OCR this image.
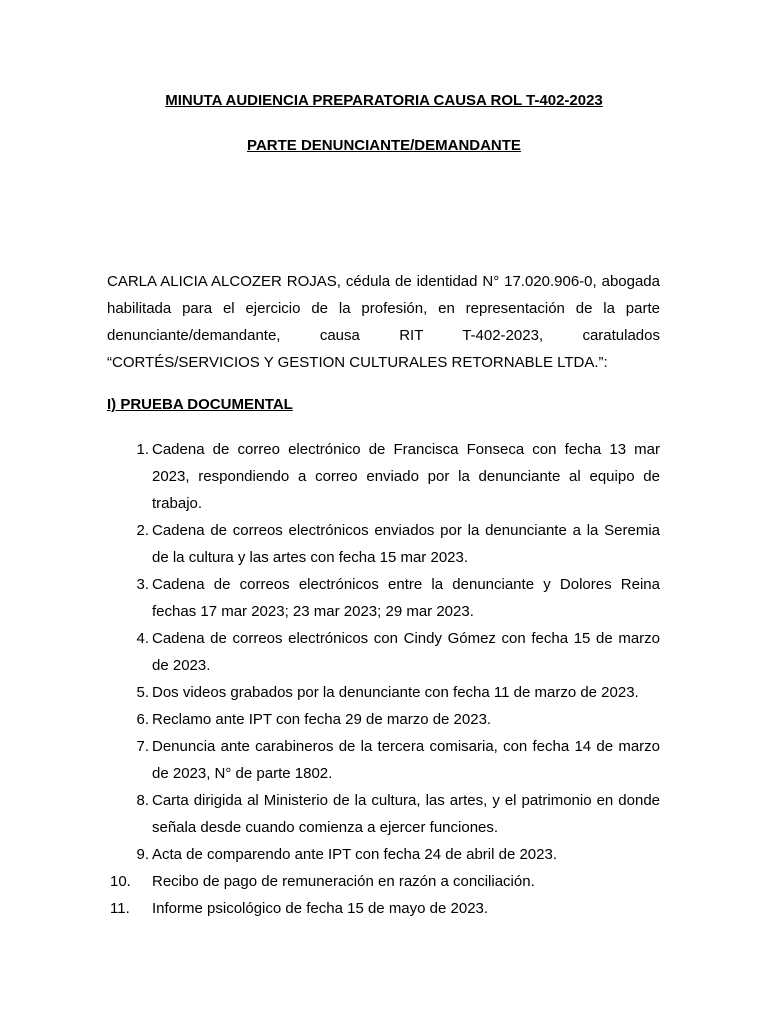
MINUTA AUDIENCIA PREPARATORIA CAUSA ROL T-402-2023
PARTE DENUNCIANTE/DEMANDANTE
CARLA ALICIA ALCOZER ROJAS, cédula de identidad N° 17.020.906-0, abogada
habilitada para el ejercicio de la profesión, en representación de la parte
denunciante/demandante, causa RIT T-402-2023, caratulados
“CORTÉS/SERVICIOS Y GESTION CULTURALES RETORNABLE LTDA.”:
I) PRUEBA DOCUMENTAL
1. Cadena de correo electrónico de Francisca Fonseca con fecha 13 mar
2023, respondiendo a correo enviado por la denunciante al equipo de
trabajo.
2. Cadena de correos electrónicos enviados por la denunciante a la Seremia
de la cultura y las artes con fecha 15 mar 2023.
3. Cadena de correos electrónicos entre la denunciante y Dolores Reina
fechas 17 mar 2023; 23 mar 2023; 29 mar 2023.
4. Cadena de correos electrónicos con Cindy Gómez con fecha 15 de marzo
de 2023.
5. Dos videos grabados por la denunciante con fecha 11 de marzo de 2023.
6. Reclamo ante IPT con fecha 29 de marzo de 2023.
7. Denuncia ante carabineros de la tercera comisaria, con fecha 14 de marzo
de 2023, N° de parte 1802.
8. Carta dirigida al Ministerio de la cultura, las artes, y el patrimonio en donde
señala desde cuando comienza a ejercer funciones.
9. Acta de comparendo ante IPT con fecha 24 de abril de 2023.
10.	Recibo de pago de remuneración en razón a conciliación.
11.	Informe psicológico de fecha 15 de mayo de 2023.
